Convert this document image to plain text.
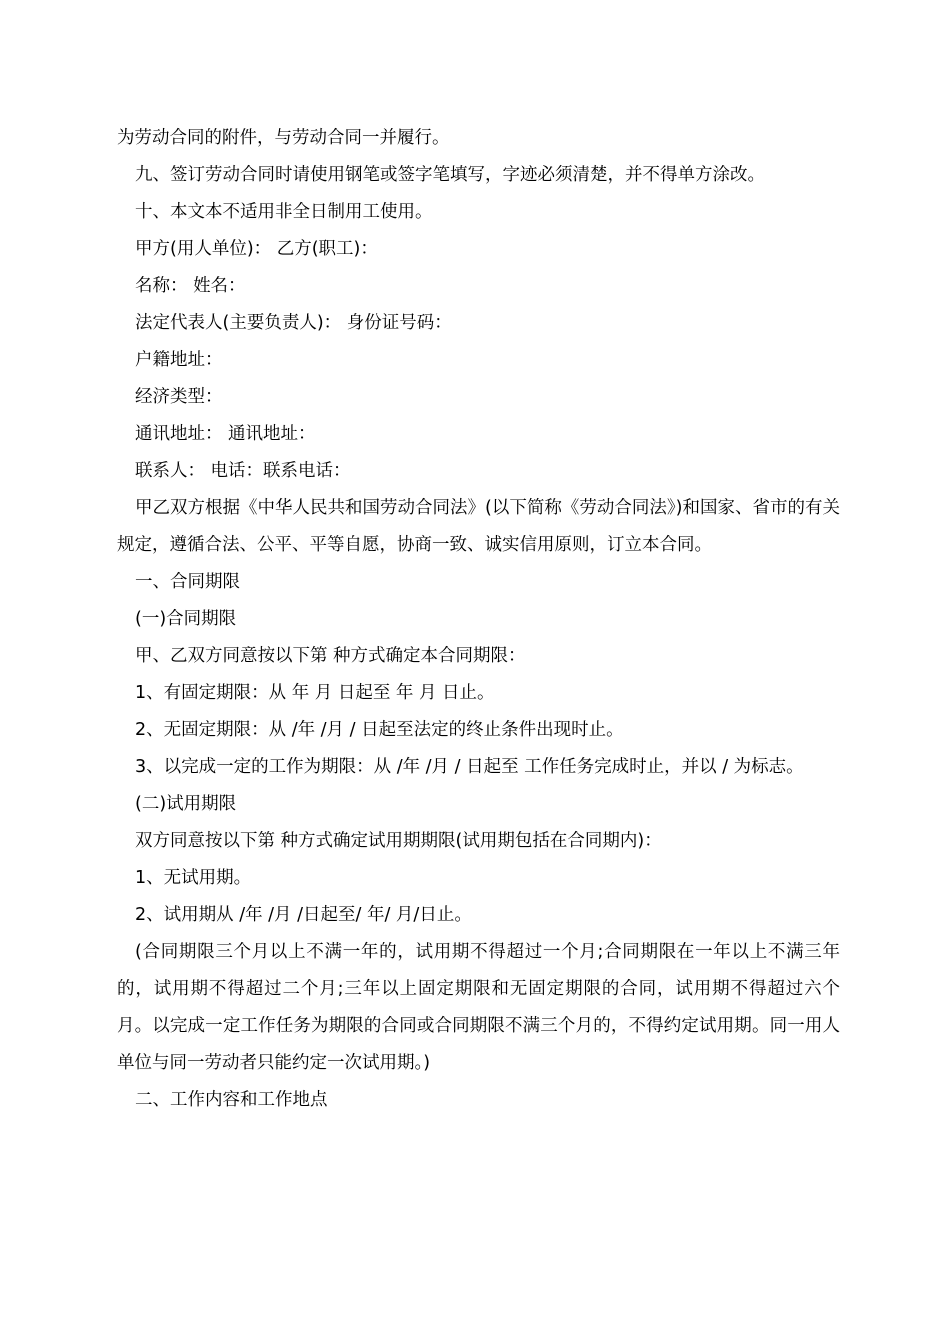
为劳动合同的附件，与劳动合同一并履行。

九、签订劳动合同时请使用钢笔或签字笔填写，字迹必须清楚，并不得单方涂改。

十、本文本不适用非全日制用工使用。

甲方(用人单位)： 乙方(职工)：

名称： 姓名：

法定代表人(主要负责人)： 身份证号码：

户籍地址：

经济类型：

通讯地址： 通讯地址：

联系人： 电话：联系电话：

甲乙双方根据《中华人民共和国劳动合同法》(以下简称《劳动合同法》)和国家、省市的有关规定，遵循合法、公平、平等自愿，协商一致、诚实信用原则，订立本合同。

一、合同期限

(一)合同期限

甲、乙双方同意按以下第 种方式确定本合同期限：

1、有固定期限：从 年 月 日起至 年 月 日止。

2、无固定期限：从 /年 /月 / 日起至法定的终止条件出现时止。

3、以完成一定的工作为期限：从 /年 /月 / 日起至 工作任务完成时止，并以 / 为标志。

(二)试用期限

双方同意按以下第 种方式确定试用期期限(试用期包括在合同期内)：

1、无试用期。

2、试用期从 /年 /月 /日起至/ 年/ 月/日止。

(合同期限三个月以上不满一年的，试用期不得超过一个月;合同期限在一年以上不满三年的，试用期不得超过二个月;三年以上固定期限和无固定期限的合同，试用期不得超过六个月。以完成一定工作任务为期限的合同或合同期限不满三个月的，不得约定试用期。同一用人单位与同一劳动者只能约定一次试用期。)

二、工作内容和工作地点
